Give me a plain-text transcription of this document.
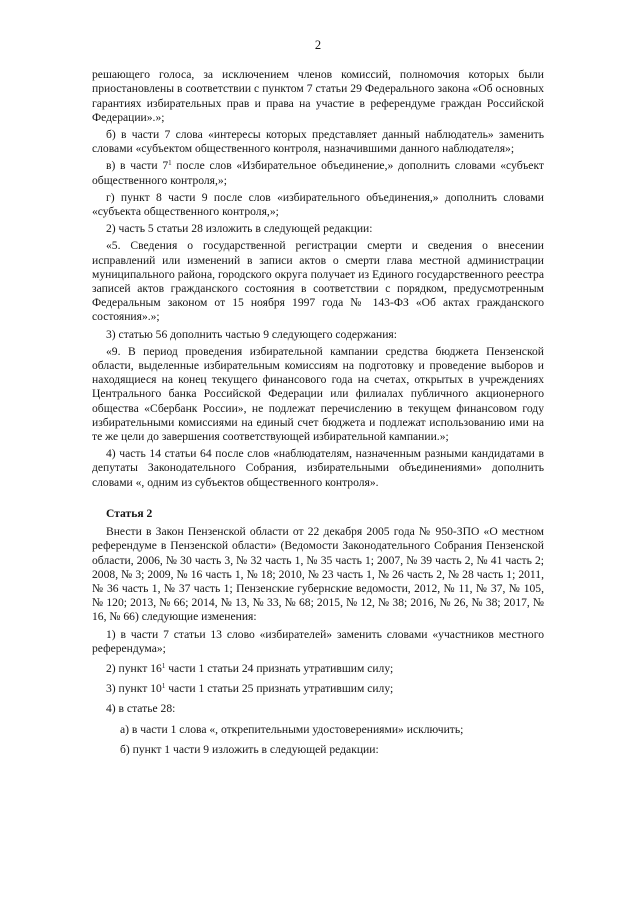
2

решающего голоса, за исключением членов комиссий, полномочия которых были приостановлены в соответствии с пунктом 7 статьи 29 Федерального закона «Об основных гарантиях избирательных прав и права на участие в референдуме граждан Российской Федерации».»;

б) в части 7 слова «интересы которых представляет данный наблюдатель» заменить словами «субъектом общественного контроля, назначившими данного наблюдателя»;

в) в части $7^1$ после слов «Избирательное объединение,» дополнить словами «субъект общественного контроля,»;

г) пункт 8 части 9 после слов «избирательного объединения,» дополнить словами «субъекта общественного контроля,»;

2) часть 5 статьи 28 изложить в следующей редакции:

«5. Сведения о государственной регистрации смерти и сведения о внесении исправлений или изменений в записи актов о смерти глава местной администрации муниципального района, городского округа получает из Единого государственного реестра записей актов гражданского состояния в соответствии с порядком, предусмотренным Федеральным законом от 15 ноября 1997 года № 143-ФЗ «Об актах гражданского состояния».»;

3) статью 56 дополнить частью 9 следующего содержания:

«9. В период проведения избирательной кампании средства бюджета Пензенской области, выделенные избирательным комиссиям на подготовку и проведение выборов и находящиеся на конец текущего финансового года на счетах, открытых в учреждениях Центрального банка Российской Федерации или филиалах публичного акционерного общества «Сбербанк России», не подлежат перечислению в текущем финансовом году избирательными комиссиями на единый счет бюджета и подлежат использованию ими на те же цели до завершения соответствующей избирательной кампании.»;

4) часть 14 статьи 64 после слов «наблюдателям, назначенным разными кандидатами в депутаты Законодательного Собрания, избирательными объединениями» дополнить словами «, одним из субъектов общественного контроля».

Статья 2

Внести в Закон Пензенской области от 22 декабря 2005 года № 950-ЗПО «О местном референдуме в Пензенской области» (Ведомости Законодательного Собрания Пензенской области, 2006, № 30 часть 3, № 32 часть 1, № 35 часть 1; 2007, № 39 часть 2, № 41 часть 2; 2008, № 3; 2009, № 16 часть 1, № 18; 2010, № 23 часть 1, № 26 часть 2, № 28 часть 1; 2011, № 36 часть 1, № 37 часть 1; Пензенские губернские ведомости, 2012, № 11, № 37, № 105, № 120; 2013, № 66; 2014, № 13, № 33, № 68; 2015, № 12, № 38; 2016, № 26, № 38; 2017, № 16, № 66) следующие изменения:

1) в части 7 статьи 13 слово «избирателей» заменить словами «участников местного референдума»;

2) пункт $16^1$ части 1 статьи 24 признать утратившим силу;

3) пункт $10^1$ части 1 статьи 25 признать утратившим силу;

4) в статье 28:

а) в части 1 слова «, открепительными удостоверениями» исключить;

б) пункт 1 части 9 изложить в следующей редакции:
